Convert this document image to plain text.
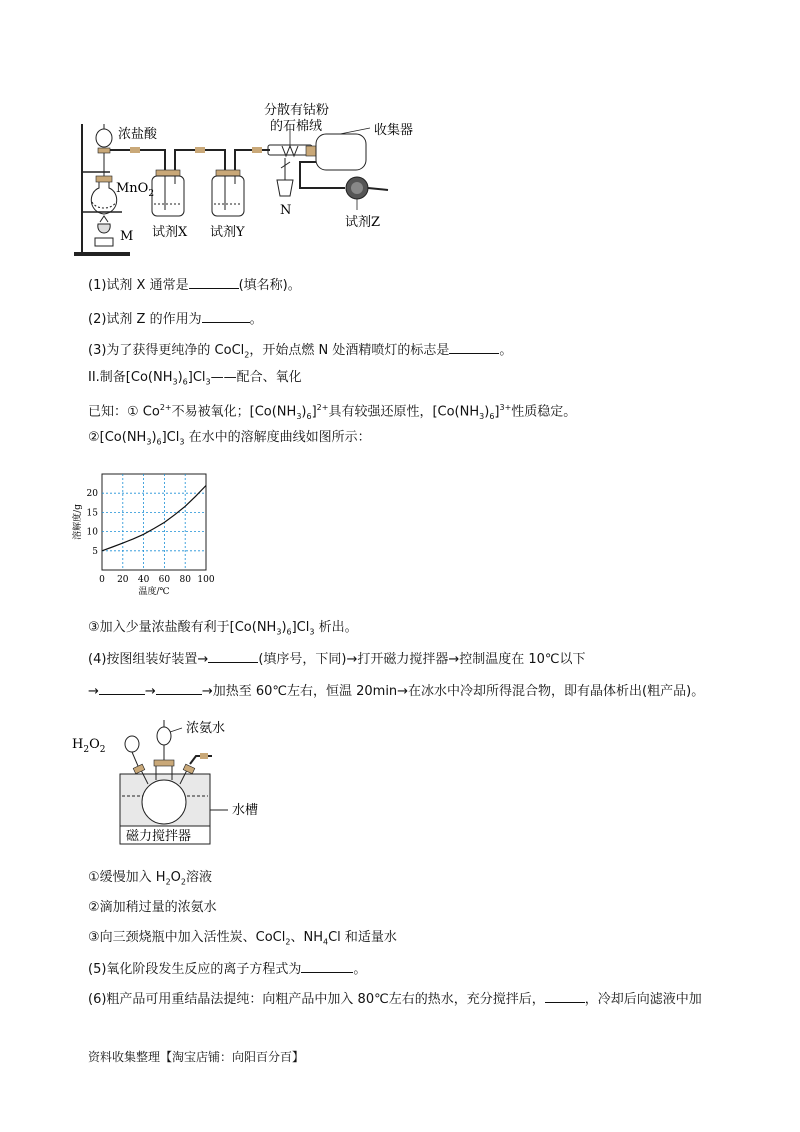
浓盐酸
MnO$_2$
M 试剂X 试剂Y
分散有钴粉
的石棉绒	收集器
N
试剂Z
(1)试剂 X 通常是	(填名称)。
(2)试剂 Z 的作用为	。
(3)为了获得更纯净的 CoCl$_2$，开始点燃 N 处酒精喷灯的标志是	。
II.制备$[Co(NH_3)_6]Cl_3——$配合、氧化
已知：① $Co^{2+}$不易被氧化；$[Co(NH_3)_6]^{2+}$具有较强还原性，$[Co(NH_3)_6]^{3+}$性质稳定。
$②[Co(NH_3)_6]Cl_3$ 在水中的溶解度曲线如图所示：
0 20 40 60 80 100
5
10
15
20
温度/℃
溶解度/g
③加入少量浓盐酸有利于$[Co(NH_3)_6]Cl_3$ 析出。
(4)按图组装好装置→	(填序号，下同)→打开磁力搅拌器→控制温度在 10℃以下
→	→	→加热至 60℃左右，恒温 20min→在冰水中冷却所得混合物，即有晶体析出(粗产品)。
$H_2O_2$
浓氨水
水槽
磁力搅拌器
①缓慢加入 $H_2O_2$溶液
②滴加稍过量的浓氨水
③向三颈烧瓶中加入活性炭、CoCl$_2$、$NH_4Cl$ 和适量水
(5)氧化阶段发生反应的离子方程式为	。
(6)粗产品可用重结晶法提纯：向粗产品中加入 80℃左右的热水，充分搅拌后，	，冷却后向滤液中加
资料收集整理【淘宝店铺：向阳百分百】
